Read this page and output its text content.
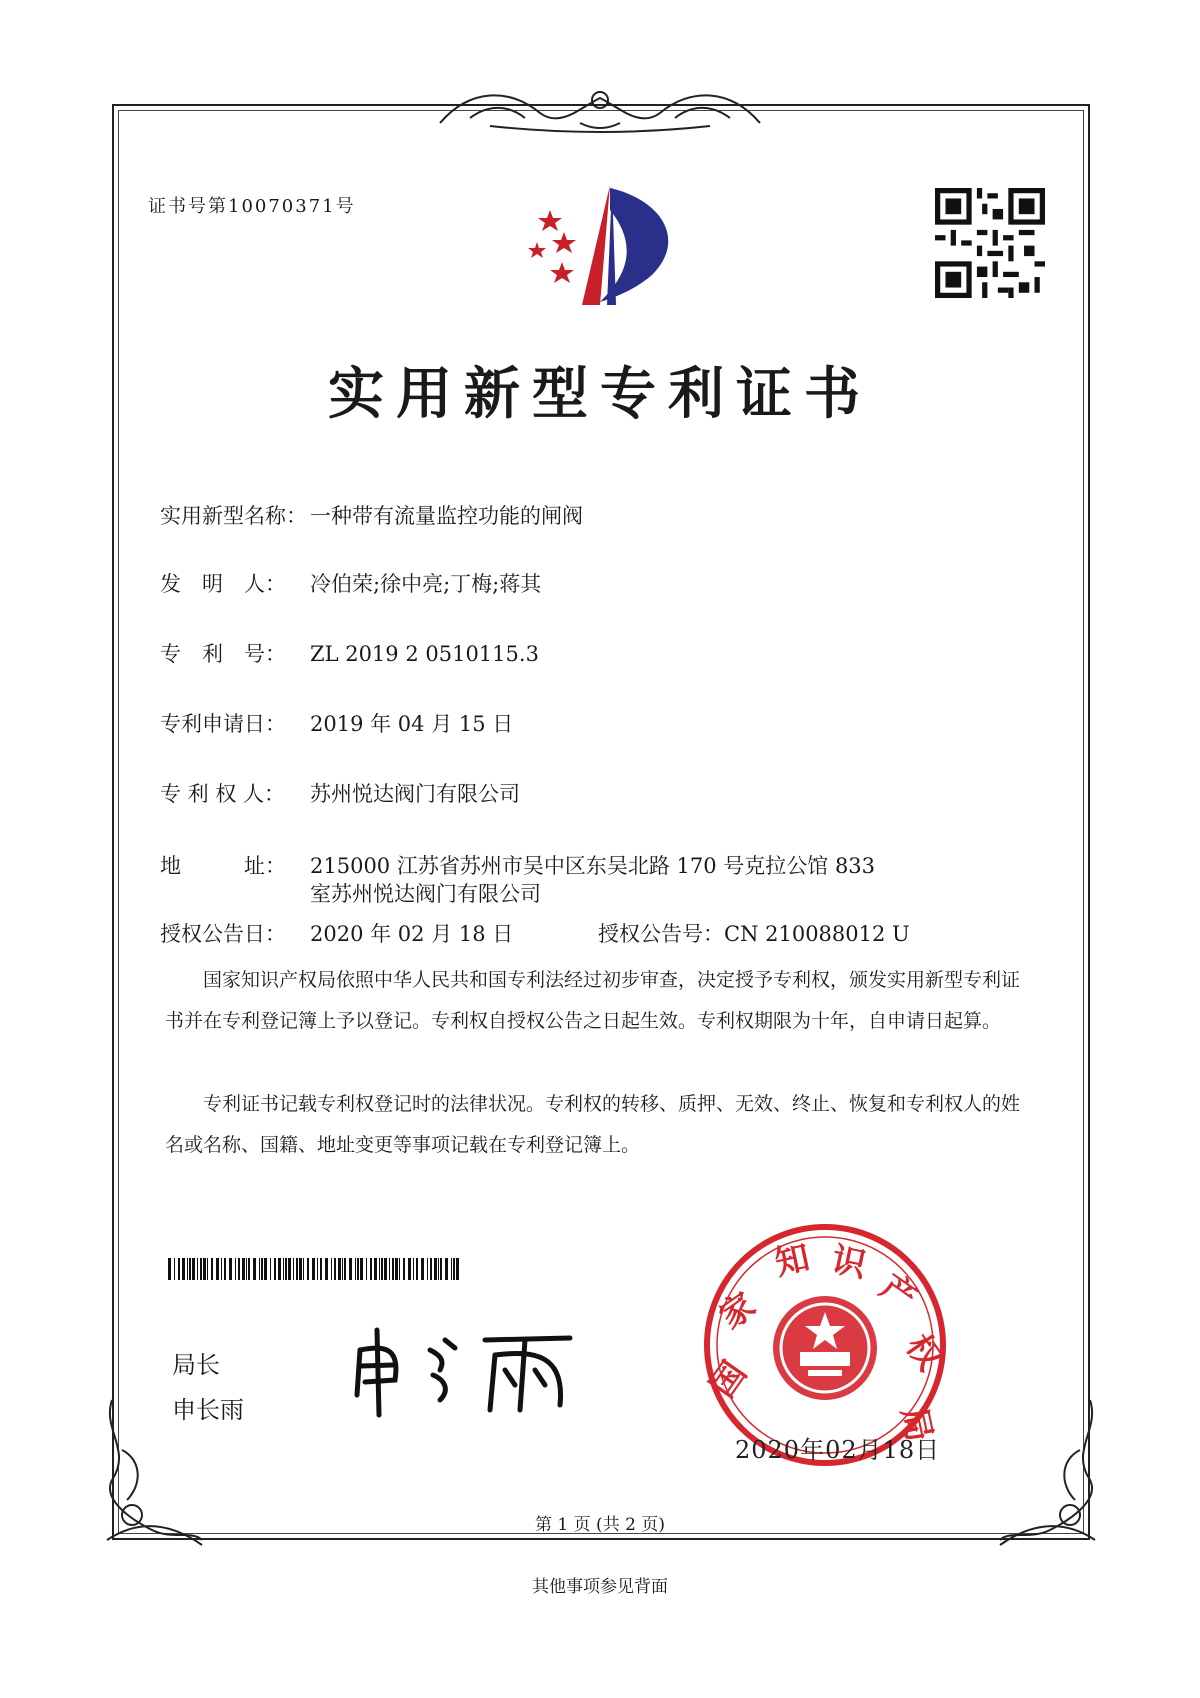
证书号第10070371号
实用新型专利证书
实用新型名称： 一种带有流量监控功能的闸阀
发　明　人： 冷伯荣;徐中亮;丁梅;蒋其
专　利　号： ZL 2019 2 0510115.3
专利申请日： 2019 年 04 月 15 日
专 利 权 人： 苏州悦达阀门有限公司
地　　　址： 215000 江苏省苏州市吴中区东吴北路 170 号克拉公馆 833
室苏州悦达阀门有限公司
授权公告日： 2020 年 02 月 18 日	授权公告号：CN 210088012 U
　　国家知识产权局依照中华人民共和国专利法经过初步审查，决定授予专利权，颁发实用新型专利证书并在专利登记簿上予以登记。专利权自授权公告之日起生效。专利权期限为十年，自申请日起算。
　　专利证书记载专利权登记时的法律状况。专利权的转移、质押、无效、终止、恢复和专利权人的姓名或名称、国籍、地址变更等事项记载在专利登记簿上。
局长
申长雨
国
家
知 识
产
权
局
2020年02月18日
第 1 页 (共 2 页)
其他事项参见背面
